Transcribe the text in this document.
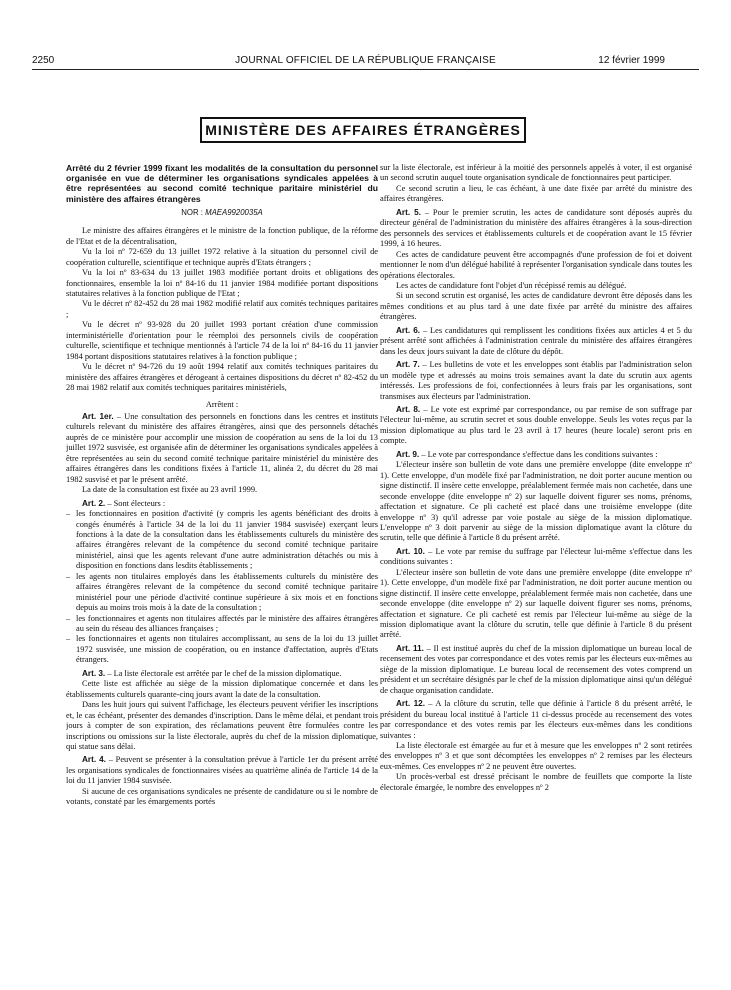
2250	JOURNAL OFFICIEL DE LA RÉPUBLIQUE FRANÇAISE	12 février 1999
MINISTÈRE DES AFFAIRES ÉTRANGÈRES
Arrêté du 2 février 1999 fixant les modalités de la consultation du personnel organisée en vue de déterminer les organisations syndicales appelées à être représentées au second comité technique paritaire ministériel du ministère des affaires étrangères
NOR : MAEA9920035A

Le ministre des affaires étrangères et le ministre de la fonction publique, de la réforme de l'Etat et de la décentralisation,

Vu la loi nº 72-659 du 13 juillet 1972 relative à la situation du personnel civil de coopération culturelle, scientifique et technique auprès d'Etats étrangers ;

Vu la loi nº 83-634 du 13 juillet 1983 modifiée portant droits et obligations des fonctionnaires, ensemble la loi nº 84-16 du 11 janvier 1984 modifiée portant dispositions statutaires relatives à la fonction publique de l'Etat ;

Vu le décret nº 82-452 du 28 mai 1982 modifié relatif aux comités techniques paritaires ;

Vu le décret nº 93-928 du 20 juillet 1993 portant création d'une commission interministérielle d'orientation pour le réemploi des personnels civils de coopération culturelle, scientifique et technique mentionnés à l'article 74 de la loi nº 84-16 du 11 janvier 1984 portant dispositions statutaires relatives à la fonction publique ;

Vu le décret nº 94-726 du 19 août 1994 relatif aux comités techniques paritaires du ministère des affaires étrangères et dérogeant à certaines dispositions du décret nº 82-452 du 28 mai 1982 relatif aux comités techniques paritaires ministériels,

Arrêtent :

Art. 1er. – Une consultation des personnels en fonctions dans les centres et instituts culturels relevant du ministère des affaires étrangères, ainsi que des personnels détachés auprès de ce ministère pour accomplir une mission de coopération au sens de la loi du 13 juillet 1972 susvisée, est organisée afin de déterminer les organisations syndicales appelées à être représentées au sein du second comité technique paritaire ministériel du ministère des affaires étrangères dans les conditions fixées à l'article 11, alinéa 2, du décret du 28 mai 1982 susvisé et par le présent arrêté.

La date de la consultation est fixée au 23 avril 1999.

Art. 2. – Sont électeurs :

– les fonctionnaires en position d'activité (y compris les agents bénéficiant des droits à congés énumérés à l'article 34 de la loi du 11 janvier 1984 susvisée) exerçant leurs fonctions à la date de la consultation dans les établissements culturels du ministère des affaires étrangères relevant de la compétence du second comité technique paritaire ministériel, ainsi que les agents relevant d'une autre administration détachés ou mis à disposition en fonctions dans lesdits établissements ;

– les agents non titulaires employés dans les établissements culturels du ministère des affaires étrangères relevant de la compétence du second comité technique paritaire ministériel pour une période d'activité continue supérieure à six mois et en fonctions depuis au moins trois mois à la date de la consultation ;

– les fonctionnaires et agents non titulaires affectés par le ministère des affaires étrangères au sein du réseau des alliances françaises ;

– les fonctionnaires et agents non titulaires accomplissant, au sens de la loi du 13 juillet 1972 susvisée, une mission de coopération, ou en instance d'affectation, auprès d'Etats étrangers.

Art. 3. – La liste électorale est arrêtée par le chef de la mission diplomatique.

Cette liste est affichée au siège de la mission diplomatique concernée et dans les établissements culturels quarante-cinq jours avant la date de la consultation.

Dans les huit jours qui suivent l'affichage, les électeurs peuvent vérifier les inscriptions et, le cas échéant, présenter des demandes d'inscription. Dans le même délai, et pendant trois jours à compter de son expiration, des réclamations peuvent être formulées contre les inscriptions ou omissions sur la liste électorale, auprès du chef de la mission diplomatique, qui statue sans délai.

Art. 4. – Peuvent se présenter à la consultation prévue à l'article 1er du présent arrêté les organisations syndicales de fonctionnaires visées au quatrième alinéa de l'article 14 de la loi du 11 janvier 1984 susvisée.

Si aucune de ces organisations syndicales ne présente de candidature ou si le nombre de votants, constaté par les émargements portés

sur la liste électorale, est inférieur à la moitié des personnels appelés à voter, il est organisé un second scrutin auquel toute organisation syndicale de fonctionnaires peut participer.

Ce second scrutin a lieu, le cas échéant, à une date fixée par arrêté du ministre des affaires étrangères.

Art. 5. – Pour le premier scrutin, les actes de candidature sont déposés auprès du directeur général de l'administration du ministère des affaires étrangères à la sous-direction des personnels des services et établissements culturels et de coopération avant le 15 février 1999, à 16 heures.

Ces actes de candidature peuvent être accompagnés d'une profession de foi et doivent mentionner le nom d'un délégué habilité à représenter l'organisation syndicale dans toutes les opérations électorales.

Les actes de candidature font l'objet d'un récépissé remis au délégué.

Si un second scrutin est organisé, les actes de candidature devront être déposés dans les mêmes conditions et au plus tard à une date fixée par arrêté du ministre des affaires étrangères.

Art. 6. – Les candidatures qui remplissent les conditions fixées aux articles 4 et 5 du présent arrêté sont affichées à l'administration centrale du ministère des affaires étrangères dans les deux jours suivant la date de clôture du dépôt.

Art. 7. – Les bulletins de vote et les enveloppes sont établis par l'administration selon un modèle type et adressés au moins trois semaines avant la date du scrutin aux agents intéressés. Les professions de foi, confectionnées à leurs frais par les organisations, sont transmises aux électeurs par l'administration.

Art. 8. – Le vote est exprimé par correspondance, ou par remise de son suffrage par l'électeur lui-même, au scrutin secret et sous double enveloppe. Seuls les votes reçus par la mission diplomatique au plus tard le 23 avril à 17 heures (heure locale) seront pris en compte.

Art. 9. – Le vote par correspondance s'effectue dans les conditions suivantes :

L'électeur insère son bulletin de vote dans une première enveloppe (dite enveloppe nº 1). Cette enveloppe, d'un modèle fixé par l'administration, ne doit porter aucune mention ou signe distinctif. Il insère cette enveloppe, préalablement fermée mais non cachetée, dans une seconde enveloppe (dite enveloppe nº 2) sur laquelle doivent figurer ses noms, prénoms, affectation et signature. Ce pli cacheté est placé dans une troisième enveloppe (dite enveloppe nº 3) qu'il adresse par voie postale au siège de la mission diplomatique. L'enveloppe nº 3 doit parvenir au siège de la mission diplomatique avant la clôture du scrutin, telle que définie à l'article 8 du présent arrêté.

Art. 10. – Le vote par remise du suffrage par l'électeur lui-même s'effectue dans les conditions suivantes :

L'électeur insère son bulletin de vote dans une première enveloppe (dite enveloppe nº 1). Cette enveloppe, d'un modèle fixé par l'administration, ne doit porter aucune mention ou signe distinctif. Il insère cette enveloppe, préalablement fermée mais non cachetée, dans une seconde enveloppe (dite enveloppe nº 2) sur laquelle doivent figurer ses noms, prénoms, affectation et signature. Ce pli cacheté est remis par l'électeur lui-même au siège de la mission diplomatique avant la clôture du scrutin, telle que définie à l'article 8 du présent arrêté.

Art. 11. – Il est institué auprès du chef de la mission diplomatique un bureau local de recensement des votes par correspondance et des votes remis par les électeurs eux-mêmes au siège de la mission diplomatique. Le bureau local de recensement des votes comprend un président et un secrétaire désignés par le chef de la mission diplomatique ainsi qu'un délégué de chaque organisation candidate.

Art. 12. – A la clôture du scrutin, telle que définie à l'article 8 du présent arrêté, le président du bureau local institué à l'article 11 ci-dessus procède au recensement des votes par correspondance et des votes remis par les électeurs eux-mêmes dans les conditions suivantes :

La liste électorale est émargée au fur et à mesure que les enveloppes nº 2 sont retirées des enveloppes nº 3 et que sont décomptées les enveloppes nº 2 remises par les électeurs eux-mêmes. Ces enveloppes nº 2 ne peuvent être ouvertes.

Un procès-verbal est dressé précisant le nombre de feuillets que comporte la liste électorale émargée, le nombre des enveloppes nº 2
